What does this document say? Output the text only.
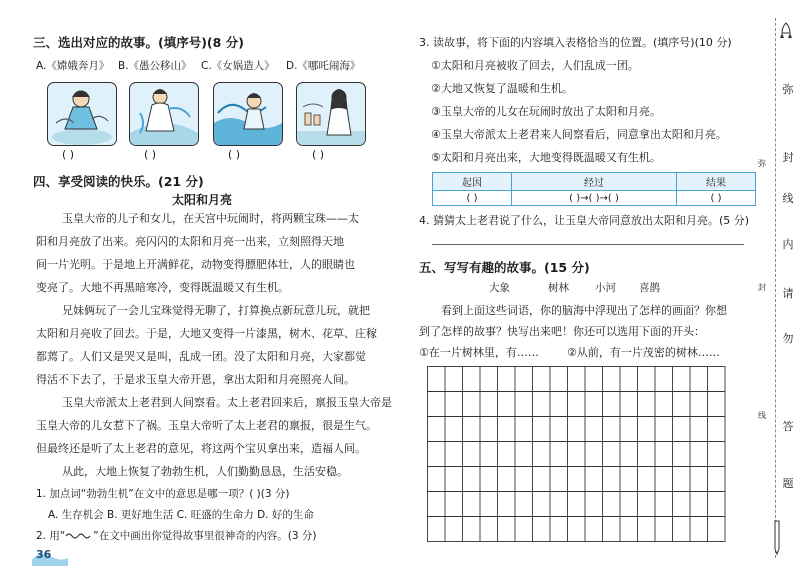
三、选出对应的故事。(填序号)(8 分)
A.《嫦娥奔月》 B.《愚公移山》 C.《女娲造人》 D.《哪吒闹海》
( )	( )	( )	( )
四、享受阅读的快乐。(21 分)
太阳和月亮
玉皇大帝的儿子和女儿，在天宫中玩闹时，将两颗宝珠——太
阳和月亮放了出来。亮闪闪的太阳和月亮一出来，立刻照得天地
间一片光明。于是地上开满鲜花，动物变得膘肥体壮，人的眼睛也
变亮了。大地不再黑暗寒冷，变得既温暖又有生机。
兄妹俩玩了一会儿宝珠觉得无聊了，打算换点新玩意儿玩，就把
太阳和月亮收了回去。于是，大地又变得一片漆黑，树木、花草、庄稼
都蔫了。人们又是哭又是叫，乱成一团。没了太阳和月亮，大家都觉
得活不下去了，于是求玉皇大帝开恩，拿出太阳和月亮照亮人间。
玉皇大帝派太上老君到人间察看。太上老君回来后，禀报玉皇大帝是
玉皇大帝的儿女惹下了祸。玉皇大帝听了太上老君的禀报，很是生气。
但最终还是听了太上老君的意见，将这两个宝贝拿出来，造福人间。
从此，大地上恢复了勃勃生机，人们勤勤恳恳，生活安稳。
1. 加点词“勃勃生机”在文中的意思是哪一项？( )(3 分)
A. 生存机会 B. 更好地生活 C. 旺盛的生命力 D. 好的生命
2. 用“	”在文中画出你觉得故事里很神奇的内容。(3 分)
36
3. 读故事，将下面的内容填入表格恰当的位置。(填序号)(10 分)
①太阳和月亮被收了回去，人们乱成一团。
②大地又恢复了温暖和生机。
③玉皇大帝的儿女在玩闹时放出了太阳和月亮。
④玉皇大帝派太上老君来人间察看后，同意拿出太阳和月亮。
⑤太阳和月亮出来，大地变得既温暖又有生机。
起因	经过	结果
( )	( )→( )→( )	( )
4. 猜猜太上老君说了什么，让玉皇大帝同意放出太阳和月亮。(5 分)
五、写写有趣的故事。(15 分)
大象	树林 小河 喜鹊
看到上面这些词语，你的脑海中浮现出了怎样的画面？你想
到了怎样的故事？快写出来吧！你还可以选用下面的开头：
①在一片树林里，有……	②从前，有一片茂密的树林……
弥
弥 封
线
内
封 请
勿
线
答
题
